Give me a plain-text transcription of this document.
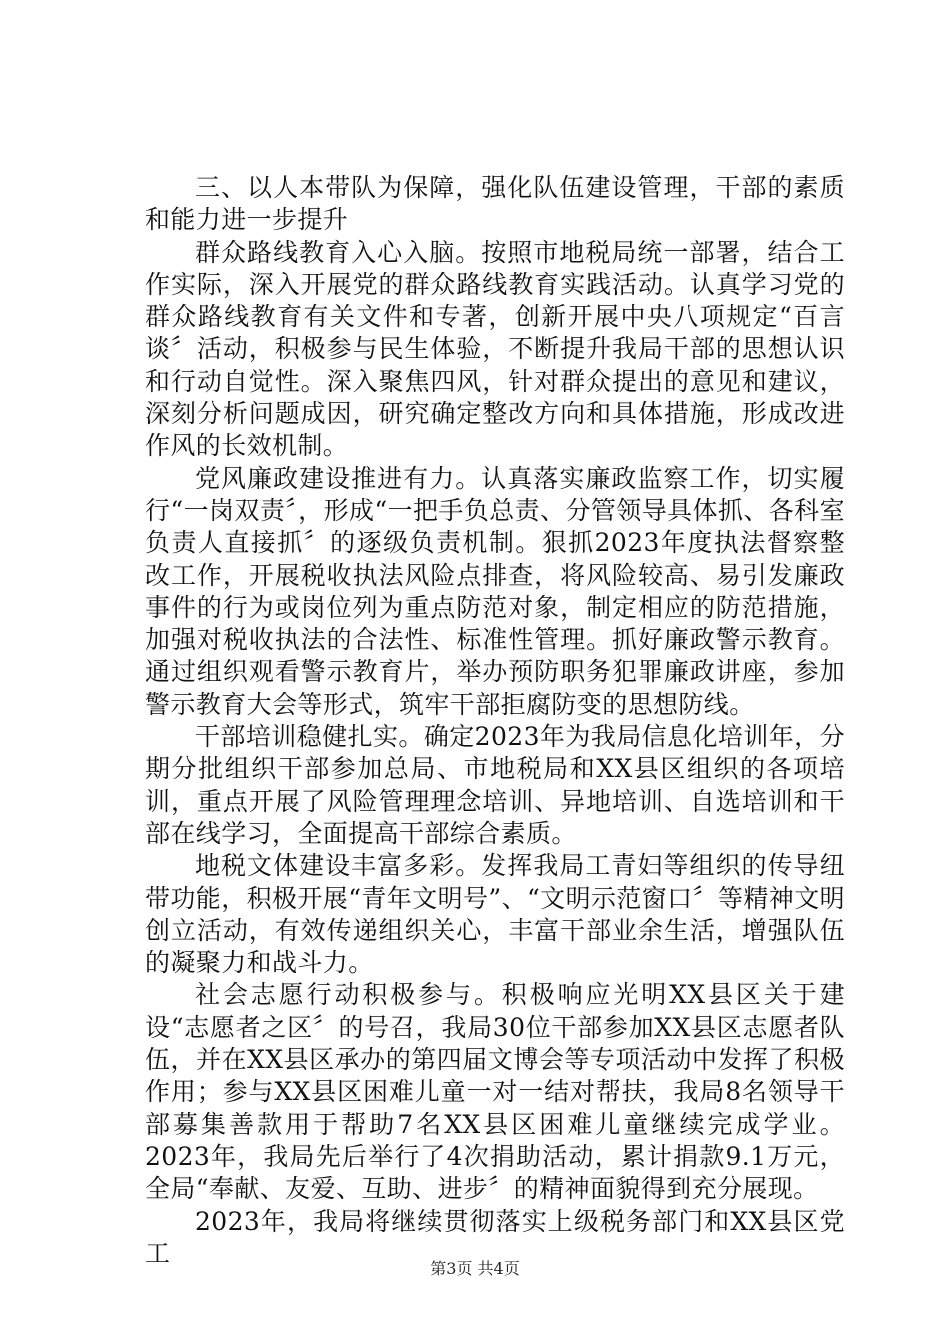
三、以人本带队为保障，强化队伍建设管理，干部的素质和能力进一步提升

群众路线教育入心入脑。按照市地税局统一部署，结合工作实际，深入开展党的群众路线教育实践活动。认真学习党的群众路线教育有关文件和专著，创新开展中央八项规定“百言谈〞活动，积极参与民生体验，不断提升我局干部的思想认识和行动自觉性。深入聚焦四风，针对群众提出的意见和建议，深刻分析问题成因，研究确定整改方向和具体措施，形成改进作风的长效机制。

党风廉政建设推进有力。认真落实廉政监察工作，切实履行“一岗双责〞，形成“一把手负总责、分管领导具体抓、各科室负责人直接抓〞的逐级负责机制。狠抓2023年度执法督察整改工作，开展税收执法风险点排查，将风险较高、易引发廉政事件的行为或岗位列为重点防范对象，制定相应的防范措施，加强对税收执法的合法性、标准性管理。抓好廉政警示教育。通过组织观看警示教育片，举办预防职务犯罪廉政讲座，参加警示教育大会等形式，筑牢干部拒腐防变的思想防线。

干部培训稳健扎实。确定2023年为我局信息化培训年，分期分批组织干部参加总局、市地税局和XX县区组织的各项培训，重点开展了风险管理理念培训、异地培训、自选培训和干部在线学习，全面提高干部综合素质。

地税文体建设丰富多彩。发挥我局工青妇等组织的传导纽带功能，积极开展“青年文明号”、“文明示范窗口〞等精神文明创立活动，有效传递组织关心，丰富干部业余生活，增强队伍的凝聚力和战斗力。

社会志愿行动积极参与。积极响应光明XX县区关于建设“志愿者之区〞的号召，我局30位干部参加XX县区志愿者队伍，并在XX县区承办的第四届文博会等专项活动中发挥了积极作用；参与XX县区困难儿童一对一结对帮扶，我局8名领导干部募集善款用于帮助7名XX县区困难儿童继续完成学业。2023年，我局先后举行了4次捐助活动，累计捐款9.1万元，全局“奉献、友爱、互助、进步〞的精神面貌得到充分展现。

2023年，我局将继续贯彻落实上级税务部门和XX县区党工

第3页 共4页
